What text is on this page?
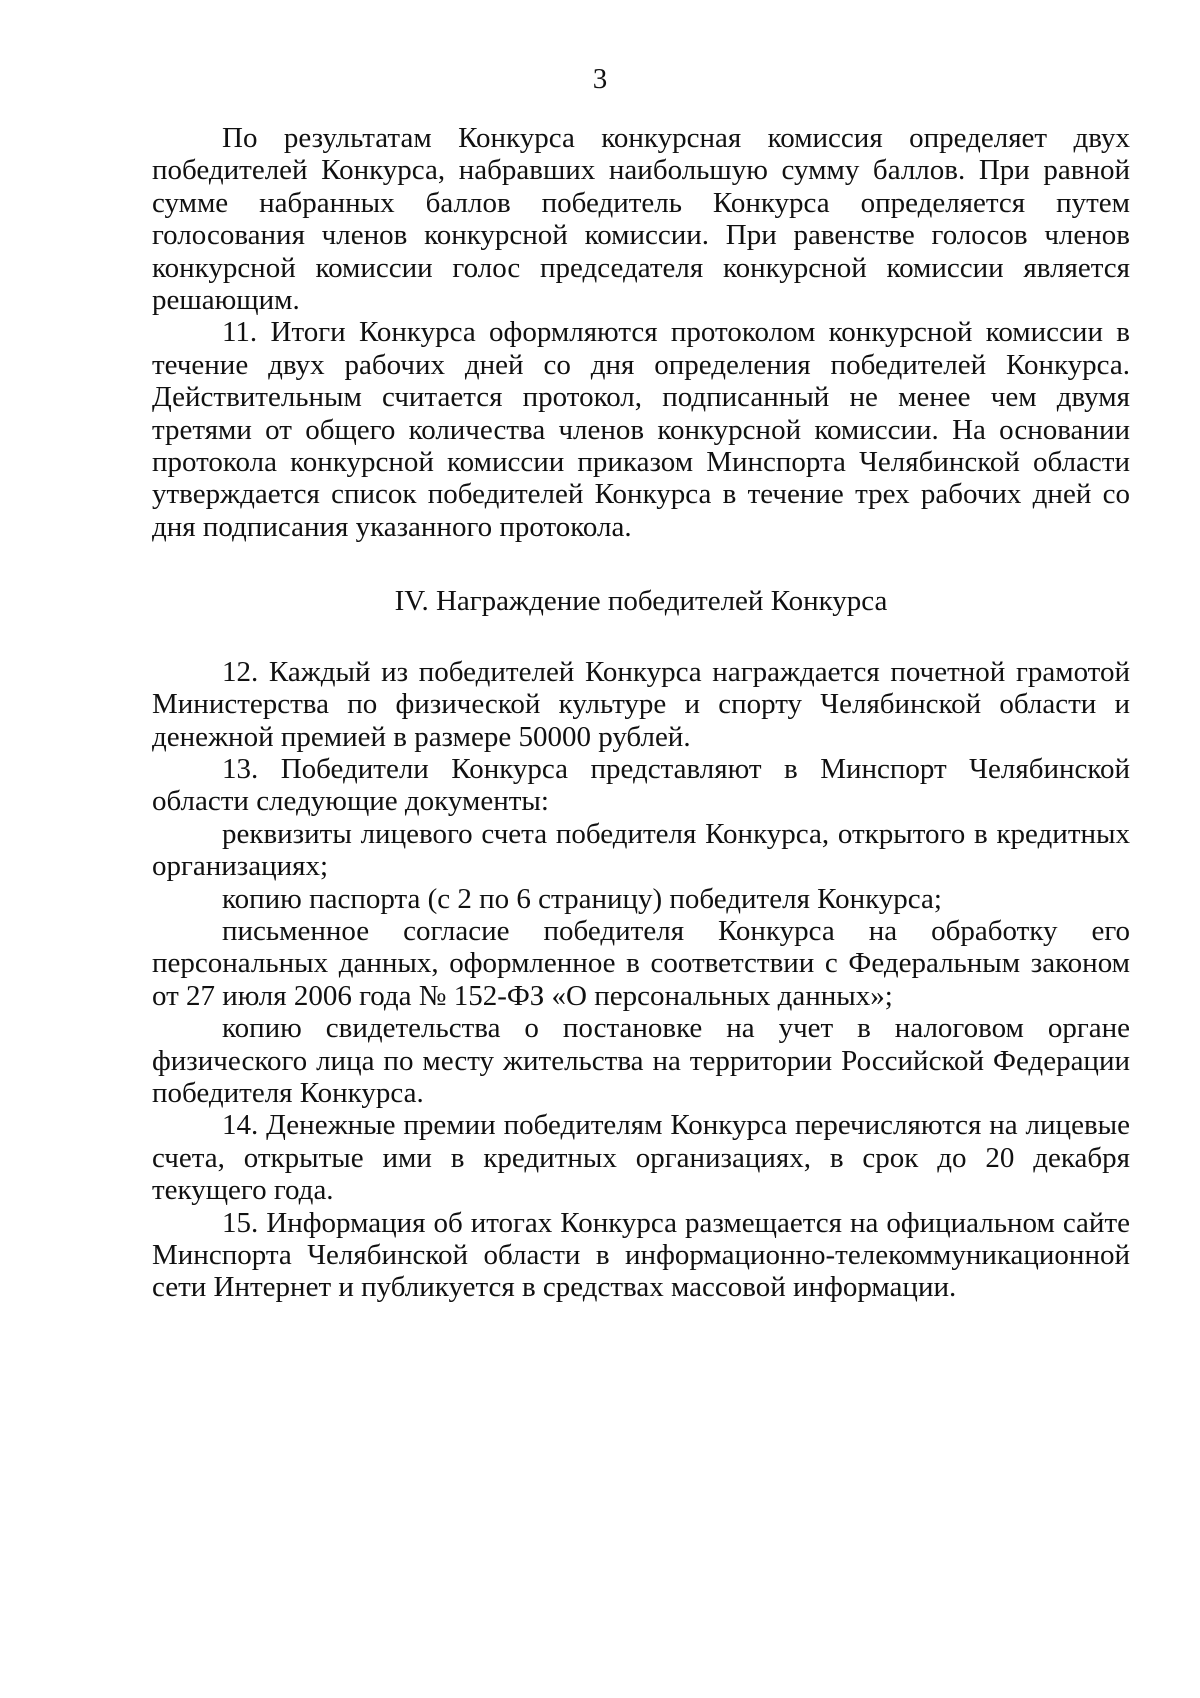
3

По результатам Конкурса конкурсная комиссия определяет двух победителей Конкурса, набравших наибольшую сумму баллов. При равной сумме набранных баллов победитель Конкурса определяется путем голосования членов конкурсной комиссии. При равенстве голосов членов конкурсной комиссии голос председателя конкурсной комиссии является решающим.

11. Итоги Конкурса оформляются протоколом конкурсной комиссии в течение двух рабочих дней со дня определения победителей Конкурса. Действительным считается протокол, подписанный не менее чем двумя третями от общего количества членов конкурсной комиссии. На основании протокола конкурсной комиссии приказом Минспорта Челябинской области утверждается список победителей Конкурса в течение трех рабочих дней со дня подписания указанного протокола.

IV. Награждение победителей Конкурса

12. Каждый из победителей Конкурса награждается почетной грамотой Министерства по физической культуре и спорту Челябинской области и денежной премией в размере 50000 рублей.

13. Победители Конкурса представляют в Минспорт Челябинской области следующие документы:

реквизиты лицевого счета победителя Конкурса, открытого в кредитных организациях;

копию паспорта (с 2 по 6 страницу) победителя Конкурса;

письменное согласие победителя Конкурса на обработку его персональных данных, оформленное в соответствии с Федеральным законом от 27 июля 2006 года № 152-ФЗ «О персональных данных»;

копию свидетельства о постановке на учет в налоговом органе физического лица по месту жительства на территории Российской Федерации победителя Конкурса.

14. Денежные премии победителям Конкурса перечисляются на лицевые счета, открытые ими в кредитных организациях, в срок до 20 декабря текущего года.

15. Информация об итогах Конкурса размещается на официальном сайте Минспорта Челябинской области в информационно-телекоммуникационной сети Интернет и публикуется в средствах массовой информации.
